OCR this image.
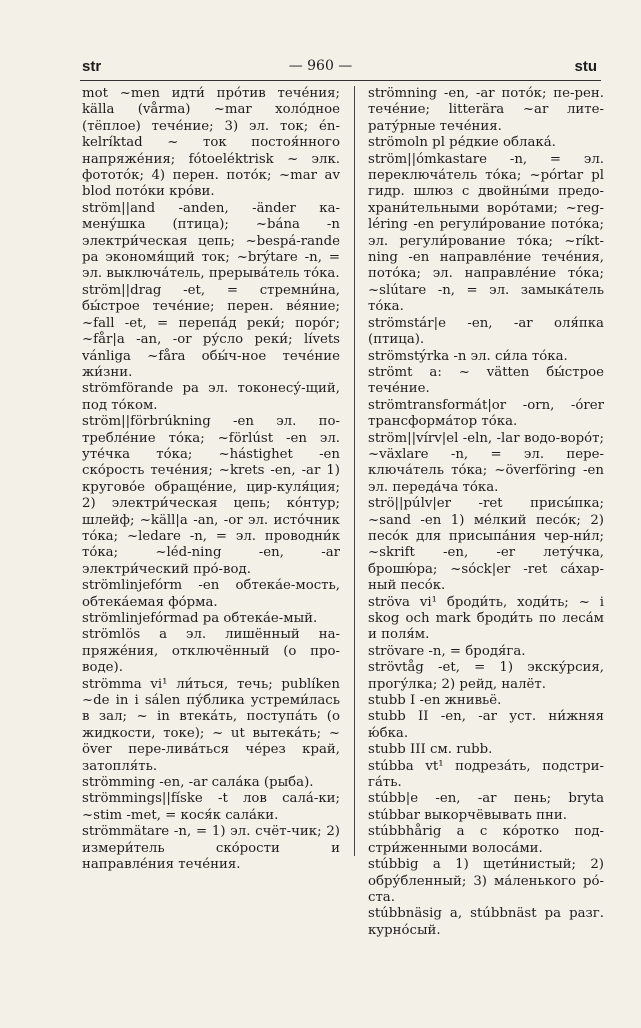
str	— 960 —	stu

mot ~men идти́ про́тив тече́ния; källa (vårma) ~mar холо́дное (тёплое) тече́ние; 3) эл. ток; én-kelríktad ~ ток постоя́нного напряже́ния; fótoeléktrisk ~ элк. фототóк; 4) перен. пото́к; ~mar av blod пото́ки крóви.

ström||and -anden, -änder ка-мену́шка (птица); ~bána -n электри́ческая цепь; ~bespá-rande pa экономя́щий ток; ~brýtare -n, = эл. выключа́тель, прерыва́тель то́ка.

ström||drag -et, = стремни́на, бы́строе тече́ние; перен. ве́яние; ~fall -et, = перепа́д реки́; поро́г; ~får|a -an, -or ру́сло реки́; lívets vánliga ~fåra обы́ч-ное тече́ние жи́зни.

strömförande pa эл. токонесу́-щий, под то́ком.

ström||förbrúkning -en эл. по-требле́ние то́ка; ~förlúst -en эл. уте́чка то́ка; ~hástighet -en ско́рость тече́ния; ~krets -en, -ar 1) кругово́е обраще́ние, цир-куля́ция; 2) электри́ческая цепь; ко́нтур; шлейф; ~käll|a -an, -or эл. исто́чник то́ка; ~ledare -n, = эл. проводни́к то́ка; ~léd-ning -en, -ar электри́ческий про́-вод.

strömlinjefórm -en обтека́е-мость, обтека́емая фо́рма.

strömlinjefórmad pa обтека́е-мый.

strömlös a эл. лишённый на-пряже́ния, отключённый (о про-воде).

strömma vi¹ ли́ться, течь; publíken ~de in i sálen пу́блика устреми́лась в зал; ~ in втека́ть, поступа́ть (о жидкости, токе); ~ ut вытека́ть; ~ över пере-лива́ться че́рез край, затопля́ть.

strömming -en, -ar сала́ка (рыба).

strömmings||físke -t лов сала́-ки; ~stim -met, = кося́к сала́ки.

strömmätare -n, = 1) эл. счёт-чик; 2) измери́тель ско́рости и направле́ния тече́ния.

strömning -en, -ar пото́к; пе-рен. тече́ние; litterära ~ar лите-рату́рные тече́ния.

strömoln pl ре́дкие облака́.

ström||ómkastare -n, = эл. переключа́тель то́ка; ~pórtar pl гидр. шлюз с двойны́ми предо-храни́тельными воро́тами; ~reg-léring -en регули́рование пото́ка; эл. регули́рование то́ка; ~ríkt-ning -en направле́ние тече́ния, пото́ка; эл. направле́ние то́ка; ~slútare -n, = эл. замыка́тель то́ка.

strömstár|e -en, -ar оля́пка (птица).

strömstýrka -n эл. си́ла то́ка.

strömt a: ~ vätten бы́строе тече́ние.

strömtransformát|or -orn, -órer трансформа́тор то́ка.

ström||vírv|el -eln, -lar водо-воро́т; ~växlare -n, = эл. пере-ключа́тель то́ка; ~överföring -en эл. переда́ча то́ка.

strö||púlv|er -ret присы́пка; ~sand -en 1) ме́лкий песо́к; 2) песо́к для присыпа́ния чер-ни́л; ~skrift -en, -er лету́чка, брошю́ра; ~sóck|er -ret са́хар-ный песо́к.

ströva vi¹ броди́ть, ходи́ть; ~ i skog och mark броди́ть по леса́м и поля́м.

strövare -n, = бродя́га.

strövtåg -et, = 1) экску́рсия, прогу́лка; 2) рейд, налёт.

stubb I -en жнивьё.

stubb II -en, -ar уст. ни́жняя ю́бка.

stubb III см. rubb.

stúbba vt¹ подреза́ть, подстри-га́ть.

stúbb|e -en, -ar пень; bryta stúbbar выкорчёвывать пни.

stúbbhårig a с ко́ротко под-стри́женными волоса́ми.

stúbbig a 1) щети́нистый; 2) обру́бленный; 3) ма́ленького ро́-ста.

stúbbnäsig a, stúbbnäst pa разг. курно́сый.
